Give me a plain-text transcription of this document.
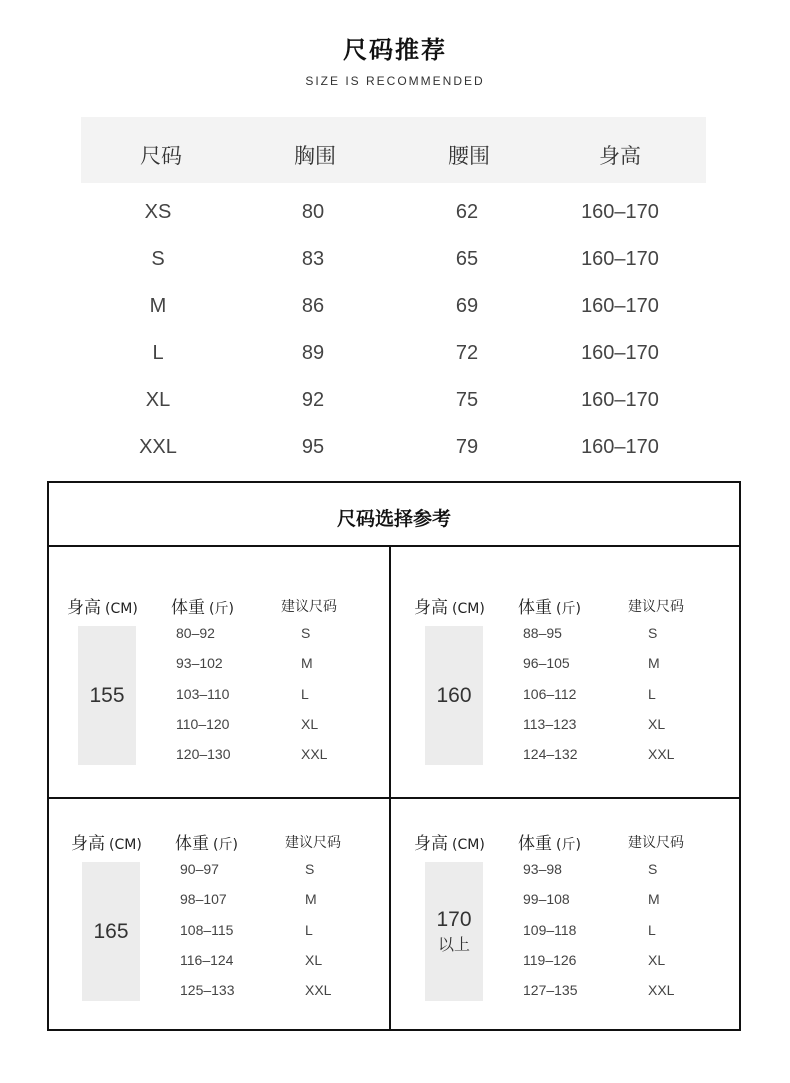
尺码推荐
SIZE IS RECOMMENDED
尺码	胸围	腰围	身高
XS	80	62	160–170
S	83	65	160–170
M	86	69	160–170
L	89	72	160–170
XL	92	75	160–170
XXL	95	79	160–170
尺码选择参考
身高 (CM) 体重 (斤)	建议尺码
155
80–92	S
93–102	M
103–110	L
110–120	XL
120–130	XXL
身高 (CM) 体重 (斤)	建议尺码
160
88–95	S
96–105	M
106–112	L
113–123	XL
124–132	XXL
身高 (CM) 体重 (斤)	建议尺码
165
90–97	S
98–107	M
108–115	L
116–124	XL
125–133	XXL
身高 (CM) 体重 (斤)	建议尺码
170
以上
93–98	S
99–108	M
109–118	L
119–126	XL
127–135	XXL
